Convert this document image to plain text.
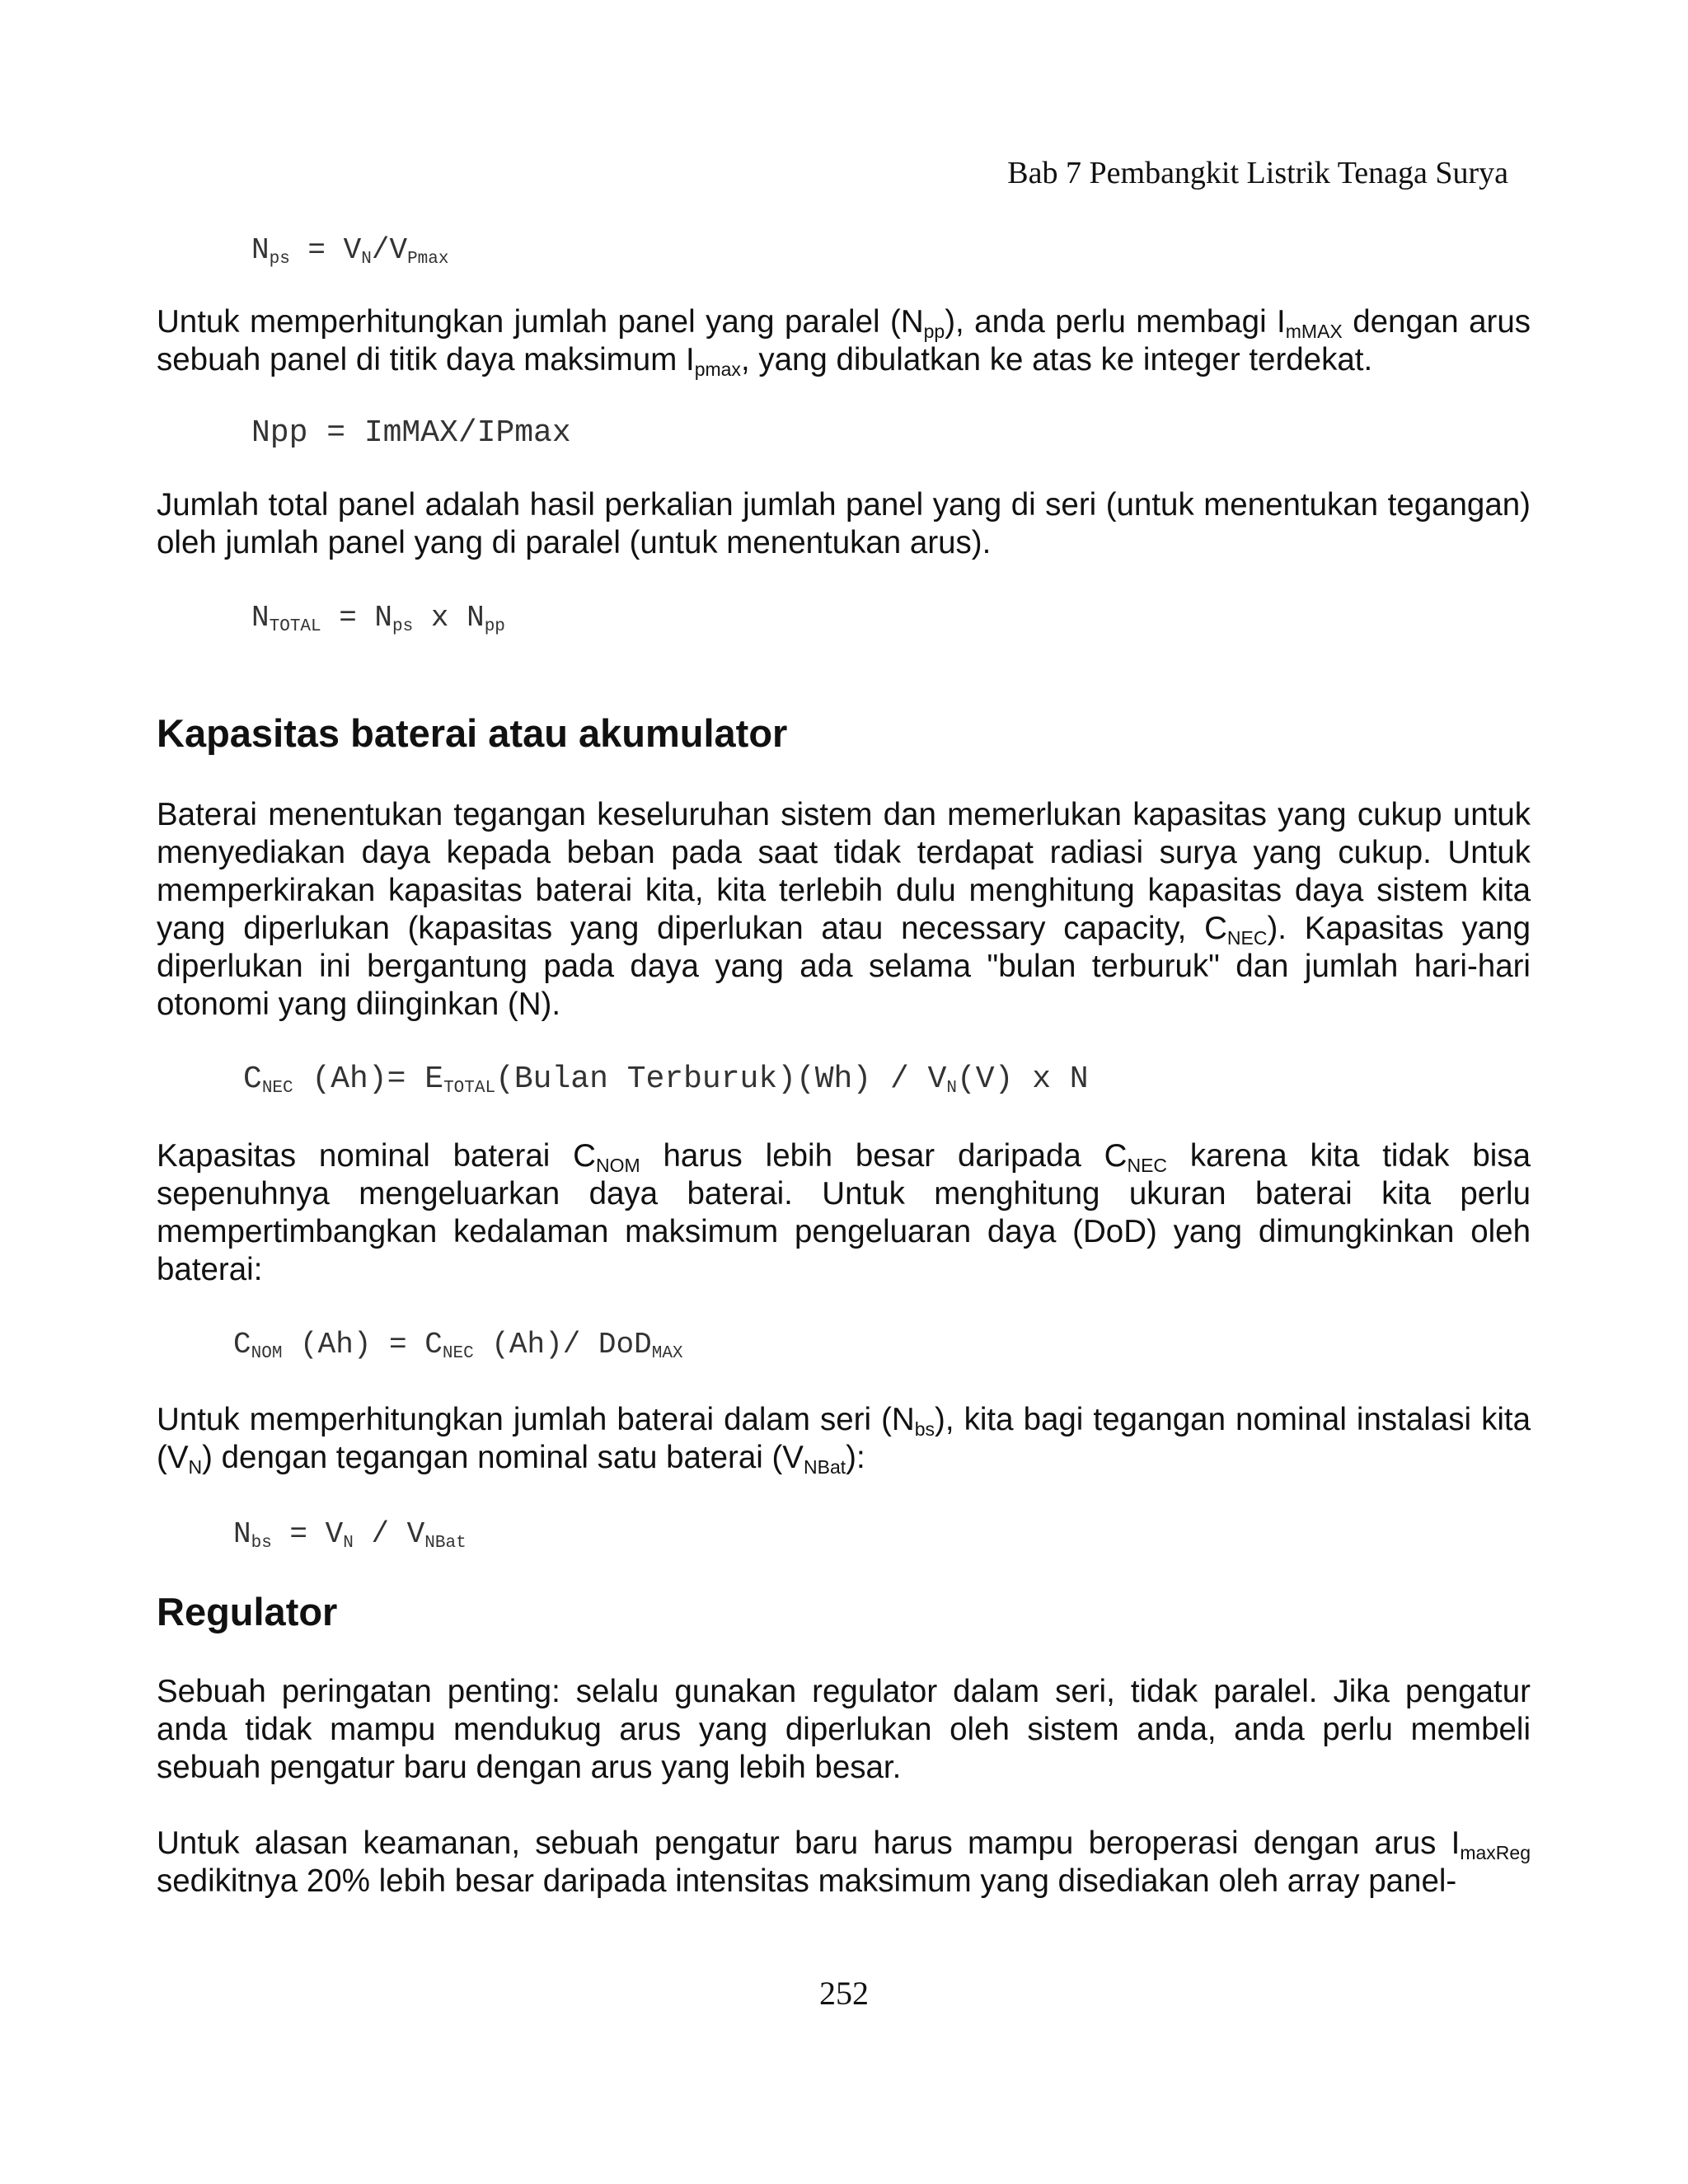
Bab 7 Pembangkit Listrik Tenaga Surya
$N_{ps} = V_N/V_{Pmax}$

Untuk memperhitungkan jumlah panel yang paralel $(N_{pp})$, anda perlu membagi $I_{mMAX}$ dengan arus sebuah panel di titik daya maksimum $I_{pmax}$, yang dibulatkan ke atas ke integer terdekat.

Npp = ImMAX/IPmax

Jumlah total panel adalah hasil perkalian jumlah panel yang di seri (untuk menentukan tegangan) oleh jumlah panel yang di paralel (untuk menentukan arus).

$N_{TOTAL} = N_{ps}$ x $N_{pp}$
Kapasitas baterai atau akumulator

Baterai menentukan tegangan keseluruhan sistem dan memerlukan kapasitas yang cukup untuk menyediakan daya kepada beban pada saat tidak terdapat radiasi surya yang cukup. Untuk memperkirakan kapasitas baterai kita, kita terlebih dulu menghitung kapasitas daya sistem kita yang diperlukan (kapasitas yang diperlukan atau necessary capacity, $C_{NEC}$). Kapasitas yang diperlukan ini bergantung pada daya yang ada selama "bulan terburuk" dan jumlah hari-hari otonomi yang diinginkan (N).

$C_{NEC}$ $(Ah)= E_{TOTAL}(Bulan$ Terburuk)(Wh) / $V_N(V)$ x N

Kapasitas nominal baterai $C_{NOM}$ harus lebih besar daripada $C_{NEC}$ karena kita tidak bisa sepenuhnya mengeluarkan daya baterai. Untuk menghitung ukuran baterai kita perlu mempertimbangkan kedalaman maksimum pengeluaran daya (DoD) yang dimungkinkan oleh baterai:

$C_{NOM}$ $(Ah) = C_{NEC}$ (Ah)/ DoD$_{MAX}$

Untuk memperhitungkan jumlah baterai dalam seri $(N_{bs})$, kita bagi tegangan nominal instalasi kita $(V_N)$ dengan tegangan nominal satu baterai $(V_{NBat})$:

$N_{bs} = V_N / V_{NBat}$
Regulator

Sebuah peringatan penting: selalu gunakan regulator dalam seri, tidak paralel. Jika pengatur anda tidak mampu mendukug arus yang diperlukan oleh sistem anda, anda perlu membeli sebuah pengatur baru dengan arus yang lebih besar.

Untuk alasan keamanan, sebuah pengatur baru harus mampu beroperasi dengan arus $I_{maxReg}$ sedikitnya 20% lebih besar daripada intensitas maksimum yang disediakan oleh array panel-

252
